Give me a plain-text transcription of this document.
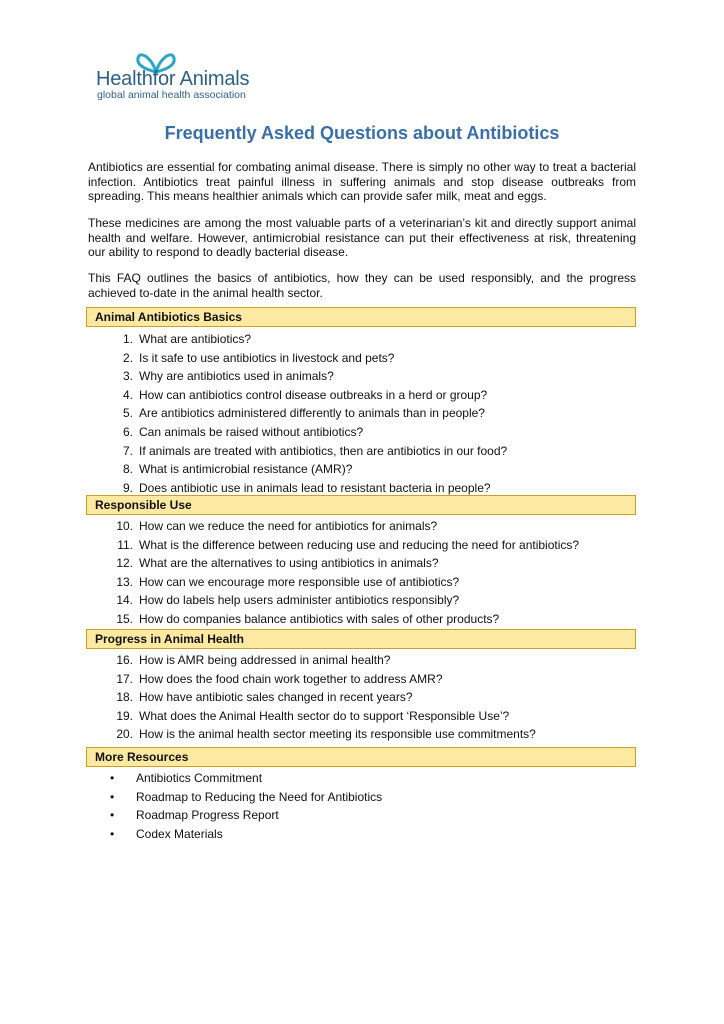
Healthfor Animals
global animal health association
Frequently Asked Questions about Antibiotics
Antibiotics are essential for combating animal disease. There is simply no other way to treat a bacterial infection. Antibiotics treat painful illness in suffering animals and stop disease outbreaks from spreading. This means healthier animals which can provide safer milk, meat and eggs.
These medicines are among the most valuable parts of a veterinarian’s kit and directly support animal health and welfare. However, antimicrobial resistance can put their effectiveness at risk, threatening our ability to respond to deadly bacterial disease.
This FAQ outlines the basics of antibiotics, how they can be used responsibly, and the progress achieved to-date in the animal health sector.
Animal Antibiotics Basics
1. What are antibiotics?
2. Is it safe to use antibiotics in livestock and pets?
3. Why are antibiotics used in animals?
4. How can antibiotics control disease outbreaks in a herd or group?
5. Are antibiotics administered differently to animals than in people?
6. Can animals be raised without antibiotics?
7. If animals are treated with antibiotics, then are antibiotics in our food?
8. What is antimicrobial resistance (AMR)?
9. Does antibiotic use in animals lead to resistant bacteria in people?
Responsible Use
10. How can we reduce the need for antibiotics for animals?
11. What is the difference between reducing use and reducing the need for antibiotics?
12. What are the alternatives to using antibiotics in animals?
13. How can we encourage more responsible use of antibiotics?
14. How do labels help users administer antibiotics responsibly?
15. How do companies balance antibiotics with sales of other products?
Progress in Animal Health
16. How is AMR being addressed in animal health?
17. How does the food chain work together to address AMR?
18. How have antibiotic sales changed in recent years?
19. What does the Animal Health sector do to support ‘Responsible Use’?
20. How is the animal health sector meeting its responsible use commitments?
More Resources
• Antibiotics Commitment
• Roadmap to Reducing the Need for Antibiotics
• Roadmap Progress Report
• Codex Materials
